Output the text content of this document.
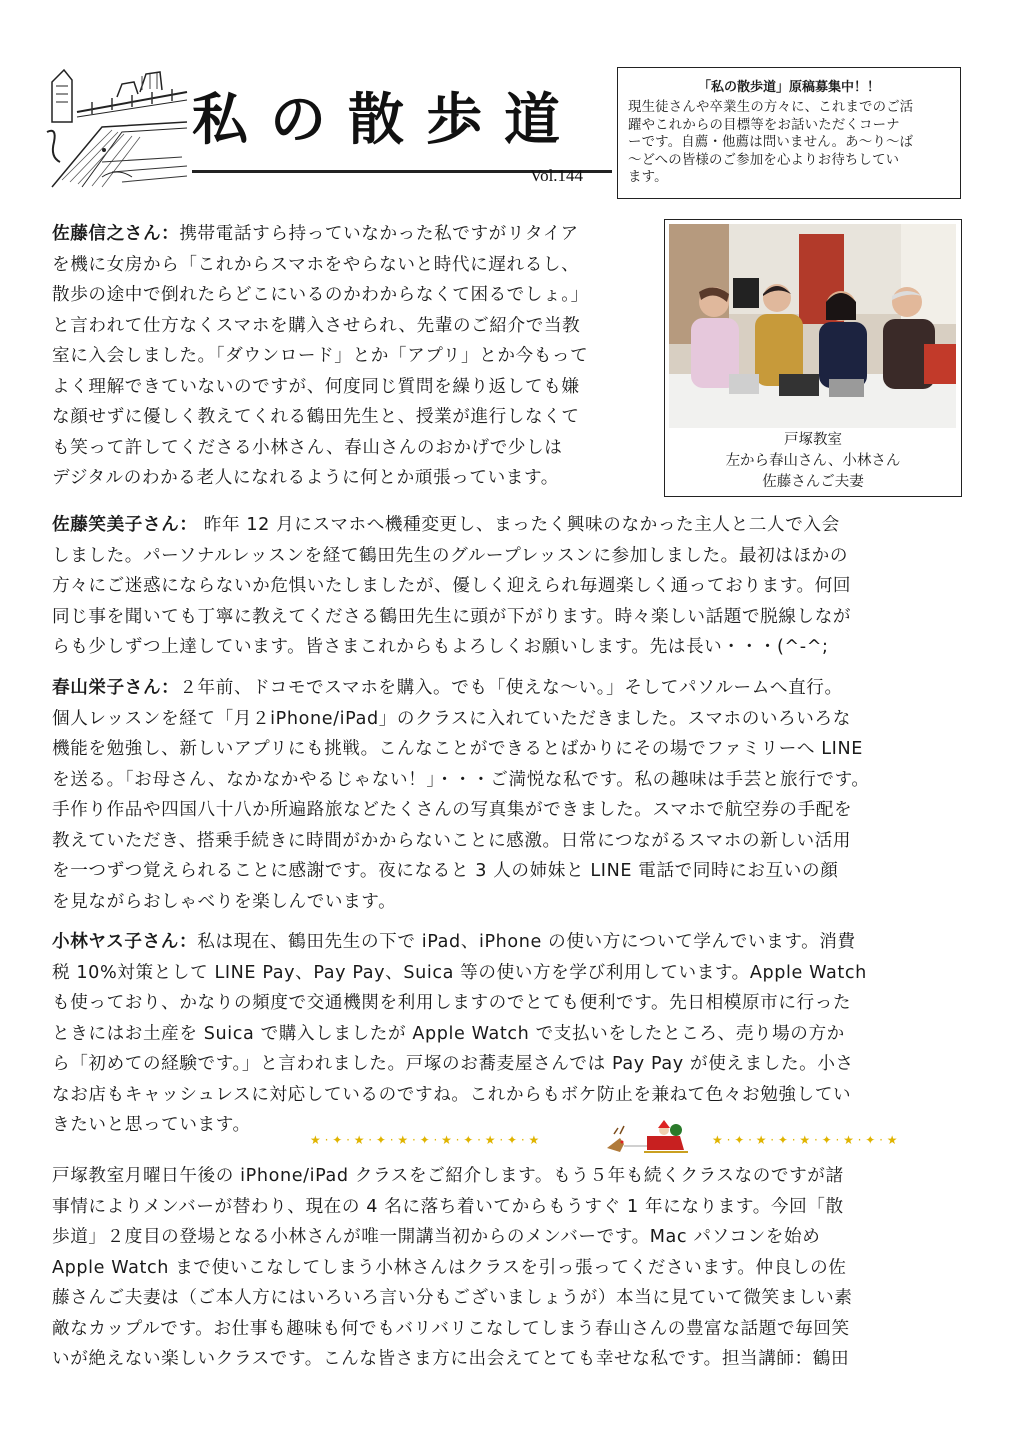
私の散歩道
Vol.144
「私の散歩道」原稿募集中！！
現生徒さんや卒業生の方々に、これまでのご活
躍やこれからの目標等をお話いただくコーナ
ーです。自薦・他薦は問いません。あ～り～ば
～どへの皆様のご参加を心よりお待ちしてい
ます。
戸塚教室
左から春山さん、小林さん
佐藤さんご夫妻
佐藤信之さん：携帯電話すら持っていなかった私ですがリタイア
を機に女房から「これからスマホをやらないと時代に遅れるし、
散歩の途中で倒れたらどこにいるのかわからなくて困るでしょ。」
と言われて仕方なくスマホを購入させられ、先輩のご紹介で当教
室に入会しました。「ダウンロード」とか「アプリ」とか今もって
よく理解できていないのですが、何度同じ質問を繰り返しても嫌
な顔せずに優しく教えてくれる鶴田先生と、授業が進行しなくて
も笑って許してくださる小林さん、春山さんのおかげで少しは
デジタルのわかる老人になれるように何とか頑張っています。
佐藤笑美子さん： 昨年 12 月にスマホへ機種変更し、まったく興味のなかった主人と二人で入会
しました。パーソナルレッスンを経て鶴田先生のグループレッスンに参加しました。最初はほかの
方々にご迷惑にならないか危惧いたしましたが、優しく迎えられ毎週楽しく通っております。何回
同じ事を聞いても丁寧に教えてくださる鶴田先生に頭が下がります。時々楽しい話題で脱線しなが
らも少しずつ上達しています。皆さまこれからもよろしくお願いします。先は長い・・・(^-^;
春山栄子さん：２年前、ドコモでスマホを購入。でも「使えな～い。」そしてパソルームへ直行。
個人レッスンを経て「月２iPhone/iPad」のクラスに入れていただきました。スマホのいろいろな
機能を勉強し、新しいアプリにも挑戦。こんなことができるとばかりにその場でファミリーへ LINE
を送る。「お母さん、なかなかやるじゃない！」・・・ご満悦な私です。私の趣味は手芸と旅行です。
手作り作品や四国八十八か所遍路旅などたくさんの写真集ができました。スマホで航空券の手配を
教えていただき、搭乗手続きに時間がかからないことに感激。日常につながるスマホの新しい活用
を一つずつ覚えられることに感謝です。夜になると 3 人の姉妹と LINE 電話で同時にお互いの顔
を見ながらおしゃべりを楽しんでいます。
小林ヤス子さん：私は現在、鶴田先生の下で iPad、iPhone の使い方について学んでいます。消費
税 10%対策として LINE Pay、Pay Pay、Suica 等の使い方を学び利用しています。Apple Watch
も使っており、かなりの頻度で交通機関を利用しますのでとても便利です。先日相模原市に行った
ときにはお土産を Suica で購入しましたが Apple Watch で支払いをしたところ、売り場の方か
ら「初めての経験です。」と言われました。戸塚のお蕎麦屋さんでは Pay Pay が使えました。小さ
なお店もキャッシュレスに対応しているのですね。これからもボケ防止を兼ねて色々お勉強してい
きたいと思っています。
★ · ✦ · ★ · ✦ · ★ · ✦ · ★ · ✦ · ★ · ✦ · ★	★ · ✦ · ★ · ✦ · ★ · ✦ · ★ · ✦ · ★
戸塚教室月曜日午後の iPhone/iPad クラスをご紹介します。もう５年も続くクラスなのですが諸
事情によりメンバーが替わり、現在の 4 名に落ち着いてからもうすぐ 1 年になります。今回「散
歩道」２度目の登場となる小林さんが唯一開講当初からのメンバーです。Mac パソコンを始め
Apple Watch まで使いこなしてしまう小林さんはクラスを引っ張ってくださいます。仲良しの佐
藤さんご夫妻は（ご本人方にはいろいろ言い分もございましょうが）本当に見ていて微笑ましい素
敵なカップルです。お仕事も趣味も何でもバリバリこなしてしまう春山さんの豊富な話題で毎回笑
いが絶えない楽しいクラスです。こんな皆さま方に出会えてとても幸せな私です。担当講師：鶴田
